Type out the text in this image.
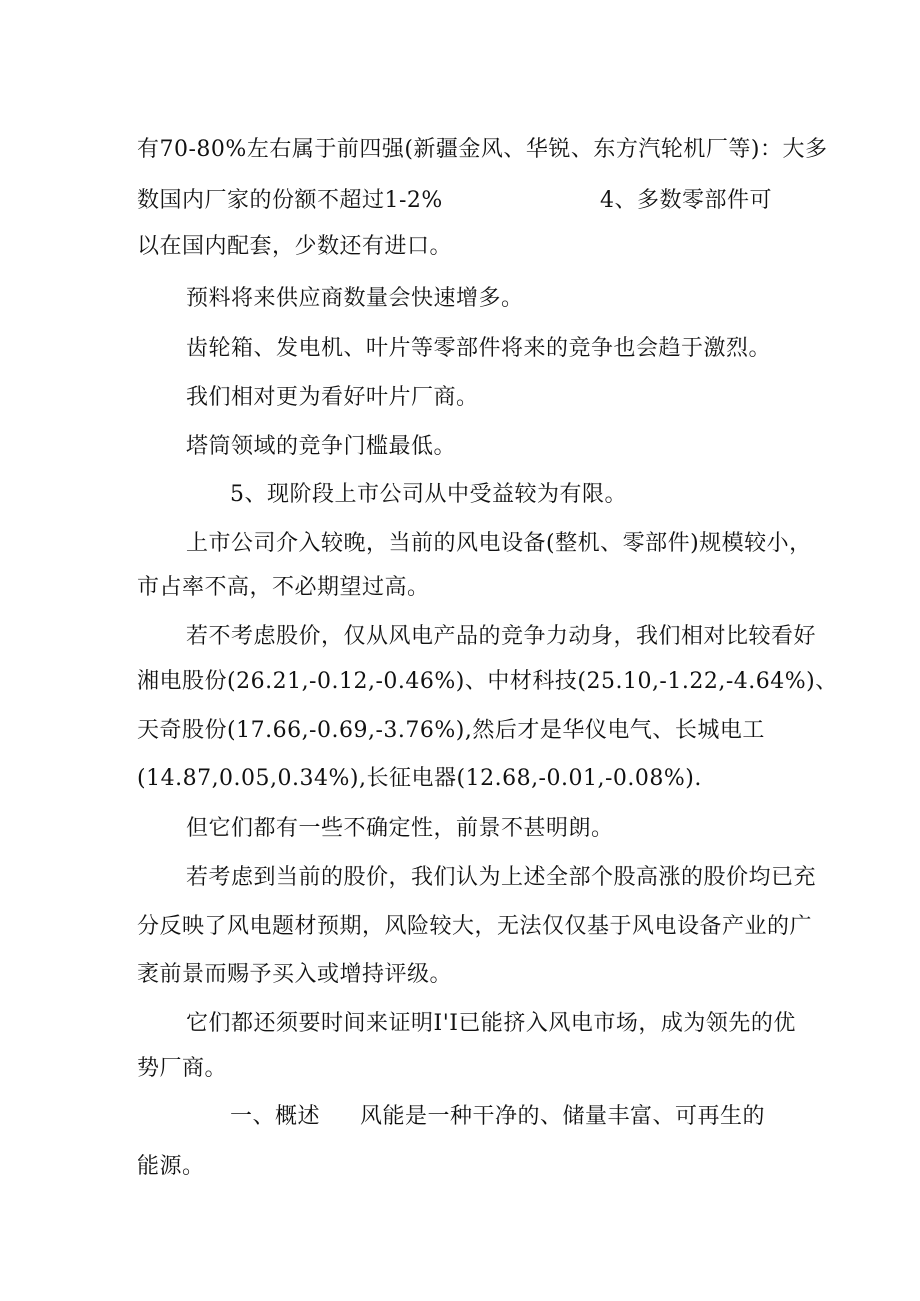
有70-80%左右属于前四强(新疆金风、华锐、东方汽轮机厂等)：大多
数国内厂家的份额不超过1-2%	4、多数零部件可
以在国内配套，少数还有进口。
预料将来供应商数量会快速增多。
齿轮箱、发电机、叶片等零部件将来的竞争也会趋于激烈。
我们相对更为看好叶片厂商。
塔筒领域的竞争门槛最低。
5、现阶段上市公司从中受益较为有限。
上市公司介入较晚，当前的风电设备(整机、零部件)规模较小，
市占率不高，不必期望过高。
若不考虑股价，仅从风电产品的竞争力动身，我们相对比较看好
湘电股份(26.21,-0.12,-0.46%)、中材科技(25.10,-1.22,-4.64%)、
天奇股份(17.66,-0.69,-3.76%),然后才是华仪电气、长城电工
(14.87,0.05,0.34%),长征电器(12.68,-0.01,-0.08%).
但它们都有一些不确定性，前景不甚明朗。
若考虑到当前的股价，我们认为上述全部个股高涨的股价均已充
分反映了风电题材预期，风险较大，无法仅仅基于风电设备产业的广
袤前景而赐予买入或增持评级。
它们都还须要时间来证明I'I已能挤入风电市场，成为领先的优
势厂商。
一、概述 风能是一种干净的、储量丰富、可再生的
能源。
